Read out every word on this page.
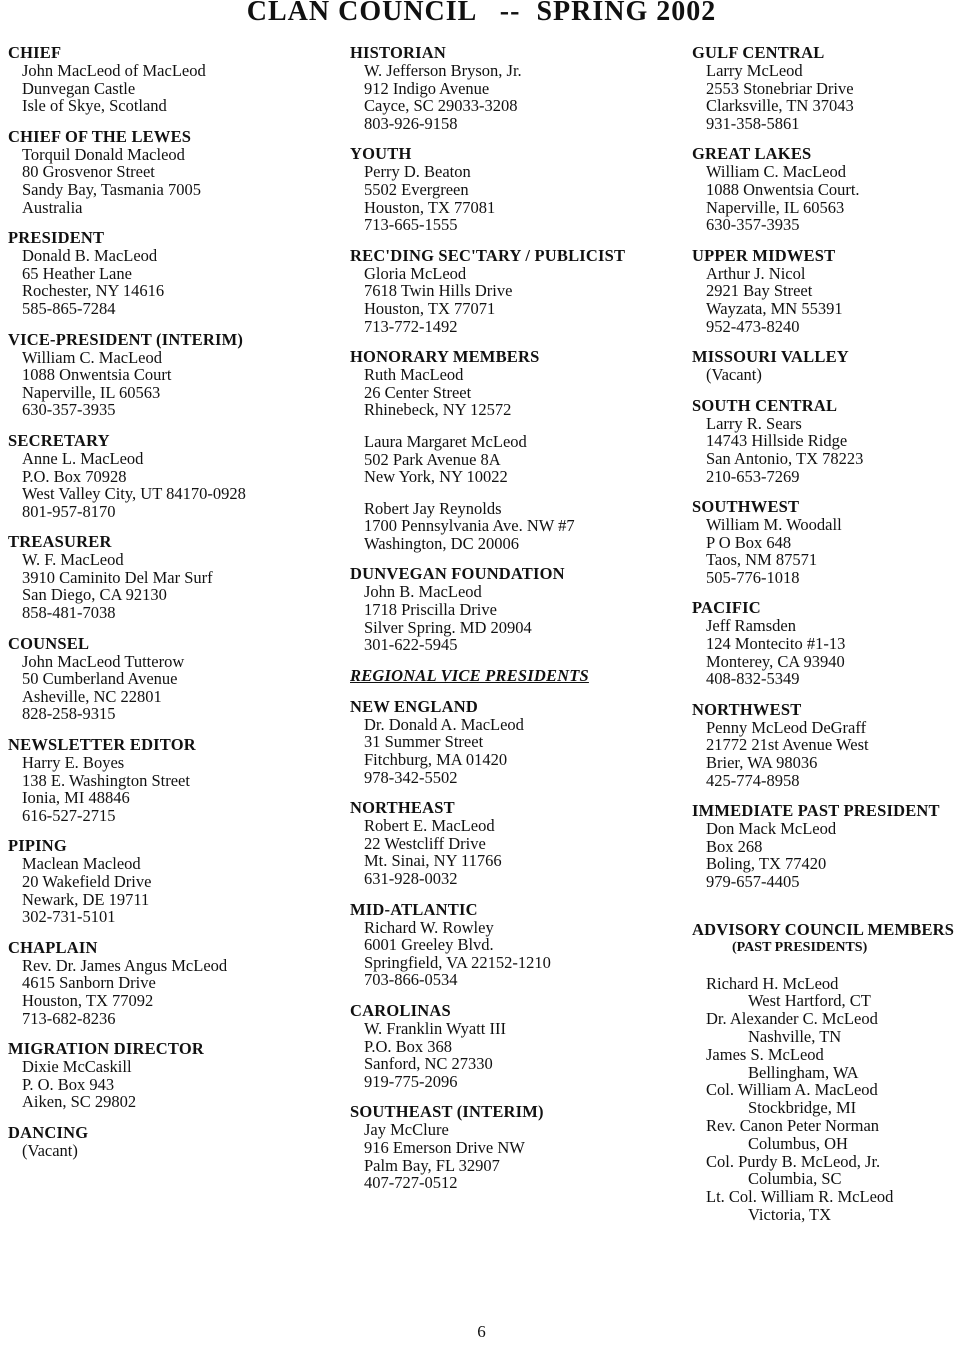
CLAN COUNCIL   --  SPRING 2002
CHIEF
John MacLeod of MacLeod
Dunvegan Castle
Isle of Skye, Scotland
CHIEF OF THE LEWES
Torquil Donald Macleod
80 Grosvenor Street
Sandy Bay, Tasmania 7005
Australia
PRESIDENT
Donald B. MacLeod
65 Heather Lane
Rochester, NY 14616
585-865-7284
VICE-PRESIDENT (INTERIM)
William C. MacLeod
1088 Onwentsia Court
Naperville, IL 60563
630-357-3935
SECRETARY
Anne L. MacLeod
P.O. Box 70928
West Valley City, UT 84170-0928
801-957-8170
TREASURER
W. F. MacLeod
3910 Caminito Del Mar Surf
San Diego, CA 92130
858-481-7038
COUNSEL
John MacLeod Tutterow
50 Cumberland Avenue
Asheville, NC 22801
828-258-9315
NEWSLETTER EDITOR
Harry E. Boyes
138 E. Washington Street
Ionia, MI 48846
616-527-2715
PIPING
Maclean Macleod
20 Wakefield Drive
Newark, DE 19711
302-731-5101
CHAPLAIN
Rev. Dr. James Angus McLeod
4615 Sanborn Drive
Houston, TX 77092
713-682-8236
MIGRATION DIRECTOR
Dixie McCaskill
P. O. Box 943
Aiken, SC 29802
DANCING
(Vacant)
HISTORIAN
W. Jefferson Bryson, Jr.
912 Indigo Avenue
Cayce, SC 29033-3208
803-926-9158
YOUTH
Perry D. Beaton
5502 Evergreen
Houston, TX 77081
713-665-1555
REC'DING SEC'TARY / PUBLICIST
Gloria McLeod
7618 Twin Hills Drive
Houston, TX 77071
713-772-1492
HONORARY MEMBERS
Ruth MacLeod
26 Center Street
Rhinebeck, NY 12572
Laura Margaret McLeod
502 Park Avenue 8A
New York, NY 10022
Robert Jay Reynolds
1700 Pennsylvania Ave. NW #7
Washington, DC 20006
DUNVEGAN FOUNDATION
John B. MacLeod
1718 Priscilla Drive
Silver Spring. MD 20904
301-622-5945
REGIONAL VICE PRESIDENTS
NEW ENGLAND
Dr. Donald A. MacLeod
31 Summer Street
Fitchburg, MA 01420
978-342-5502
NORTHEAST
Robert E. MacLeod
22 Westcliff Drive
Mt. Sinai, NY 11766
631-928-0032
MID-ATLANTIC
Richard W. Rowley
6001 Greeley Blvd.
Springfield, VA 22152-1210
703-866-0534
CAROLINAS
W. Franklin Wyatt III
P.O. Box 368
Sanford, NC 27330
919-775-2096
SOUTHEAST (INTERIM)
Jay McClure
916 Emerson Drive NW
Palm Bay, FL 32907
407-727-0512
GULF CENTRAL
Larry McLeod
2553 Stonebriar Drive
Clarksville, TN 37043
931-358-5861
GREAT LAKES
William C. MacLeod
1088 Onwentsia Court.
Naperville, IL 60563
630-357-3935
UPPER MIDWEST
Arthur J. Nicol
2921 Bay Street
Wayzata, MN 55391
952-473-8240
MISSOURI VALLEY
(Vacant)
SOUTH CENTRAL
Larry R. Sears
14743 Hillside Ridge
San Antonio, TX 78223
210-653-7269
SOUTHWEST
William M. Woodall
P O Box 648
Taos, NM 87571
505-776-1018
PACIFIC
Jeff Ramsden
124 Montecito #1-13
Monterey, CA 93940
408-832-5349
NORTHWEST
Penny McLeod DeGraff
21772 21st Avenue West
Brier, WA 98036
425-774-8958
IMMEDIATE PAST PRESIDENT
Don Mack McLeod
Box 268
Boling, TX 77420
979-657-4405
ADVISORY COUNCIL MEMBERS
(PAST PRESIDENTS)
Richard H. McLeod
West Hartford, CT
Dr. Alexander C. McLeod
Nashville, TN
James S. McLeod
Bellingham, WA
Col. William A. MacLeod
Stockbridge, MI
Rev. Canon Peter Norman
Columbus, OH
Col. Purdy B. McLeod, Jr.
Columbia, SC
Lt. Col. William R. McLeod
Victoria, TX
6
